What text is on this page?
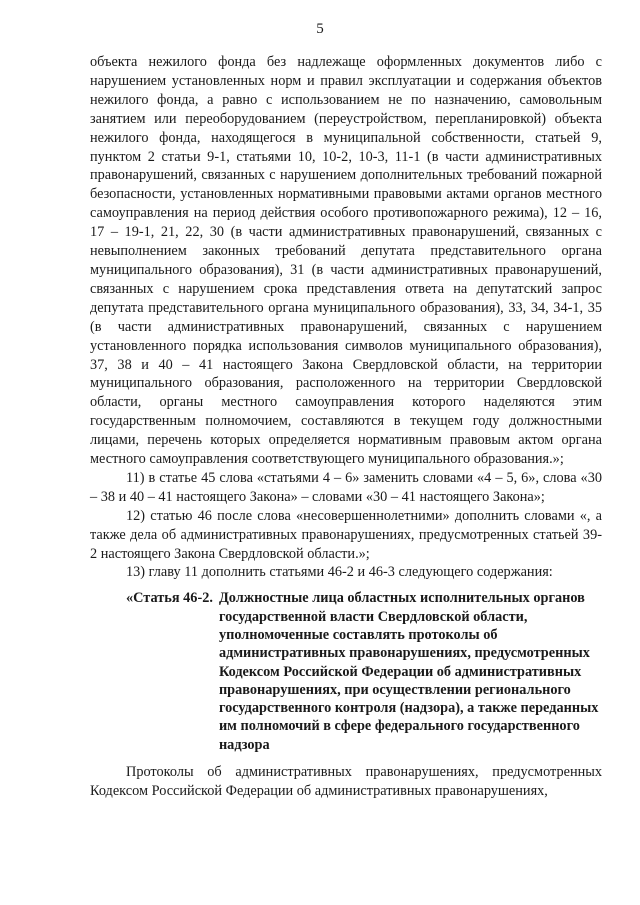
5

объекта нежилого фонда без надлежаще оформленных документов либо с нарушением установленных норм и правил эксплуатации и содержания объектов нежилого фонда, а равно с использованием не по назначению, самовольным занятием или переоборудованием (переустройством, перепланировкой) объекта нежилого фонда, находящегося в муниципальной собственности, статьей 9, пунктом 2 статьи 9-1, статьями 10, 10-2, 10-3, 11-1 (в части административных правонарушений, связанных с нарушением дополнительных требований пожарной безопасности, установленных нормативными правовыми актами органов местного самоуправления на период действия особого противопожарного режима), 12 – 16, 17 – 19-1, 21, 22, 30 (в части административных правонарушений, связанных с невыполнением законных требований депутата представительного органа муниципального образования), 31 (в части административных правонарушений, связанных с нарушением срока представления ответа на депутатский запрос депутата представительного органа муниципального образования), 33, 34, 34-1, 35 (в части административных правонарушений, связанных с нарушением установленного порядка использования символов муниципального образования), 37, 38 и 40 – 41 настоящего Закона Свердловской области, на территории муниципального образования, расположенного на территории Свердловской области, органы местного самоуправления которого наделяются этим государственным полномочием, составляются в текущем году должностными лицами, перечень которых определяется нормативным правовым актом органа местного самоуправления соответствующего муниципального образования.»;

11) в статье 45 слова «статьями 4 – 6» заменить словами «4 – 5, 6», слова «30 – 38 и 40 – 41 настоящего Закона» – словами «30 – 41 настоящего Закона»;

12) статью 46 после слова «несовершеннолетними» дополнить словами «, а также дела об административных правонарушениях, предусмотренных статьей 39-2 настоящего Закона Свердловской области.»;

13) главу 11 дополнить статьями 46-2 и 46-3 следующего содержания:

«Статья 46-2. Должностные лица областных исполнительных органов государственной власти Свердловской области, уполномоченные составлять протоколы об административных правонарушениях, предусмотренных Кодексом Российской Федерации об административных правонарушениях, при осуществлении регионального государственного контроля (надзора), а также переданных им полномочий в сфере федерального государственного надзора

Протоколы об административных правонарушениях, предусмотренных Кодексом Российской Федерации об административных правонарушениях,
